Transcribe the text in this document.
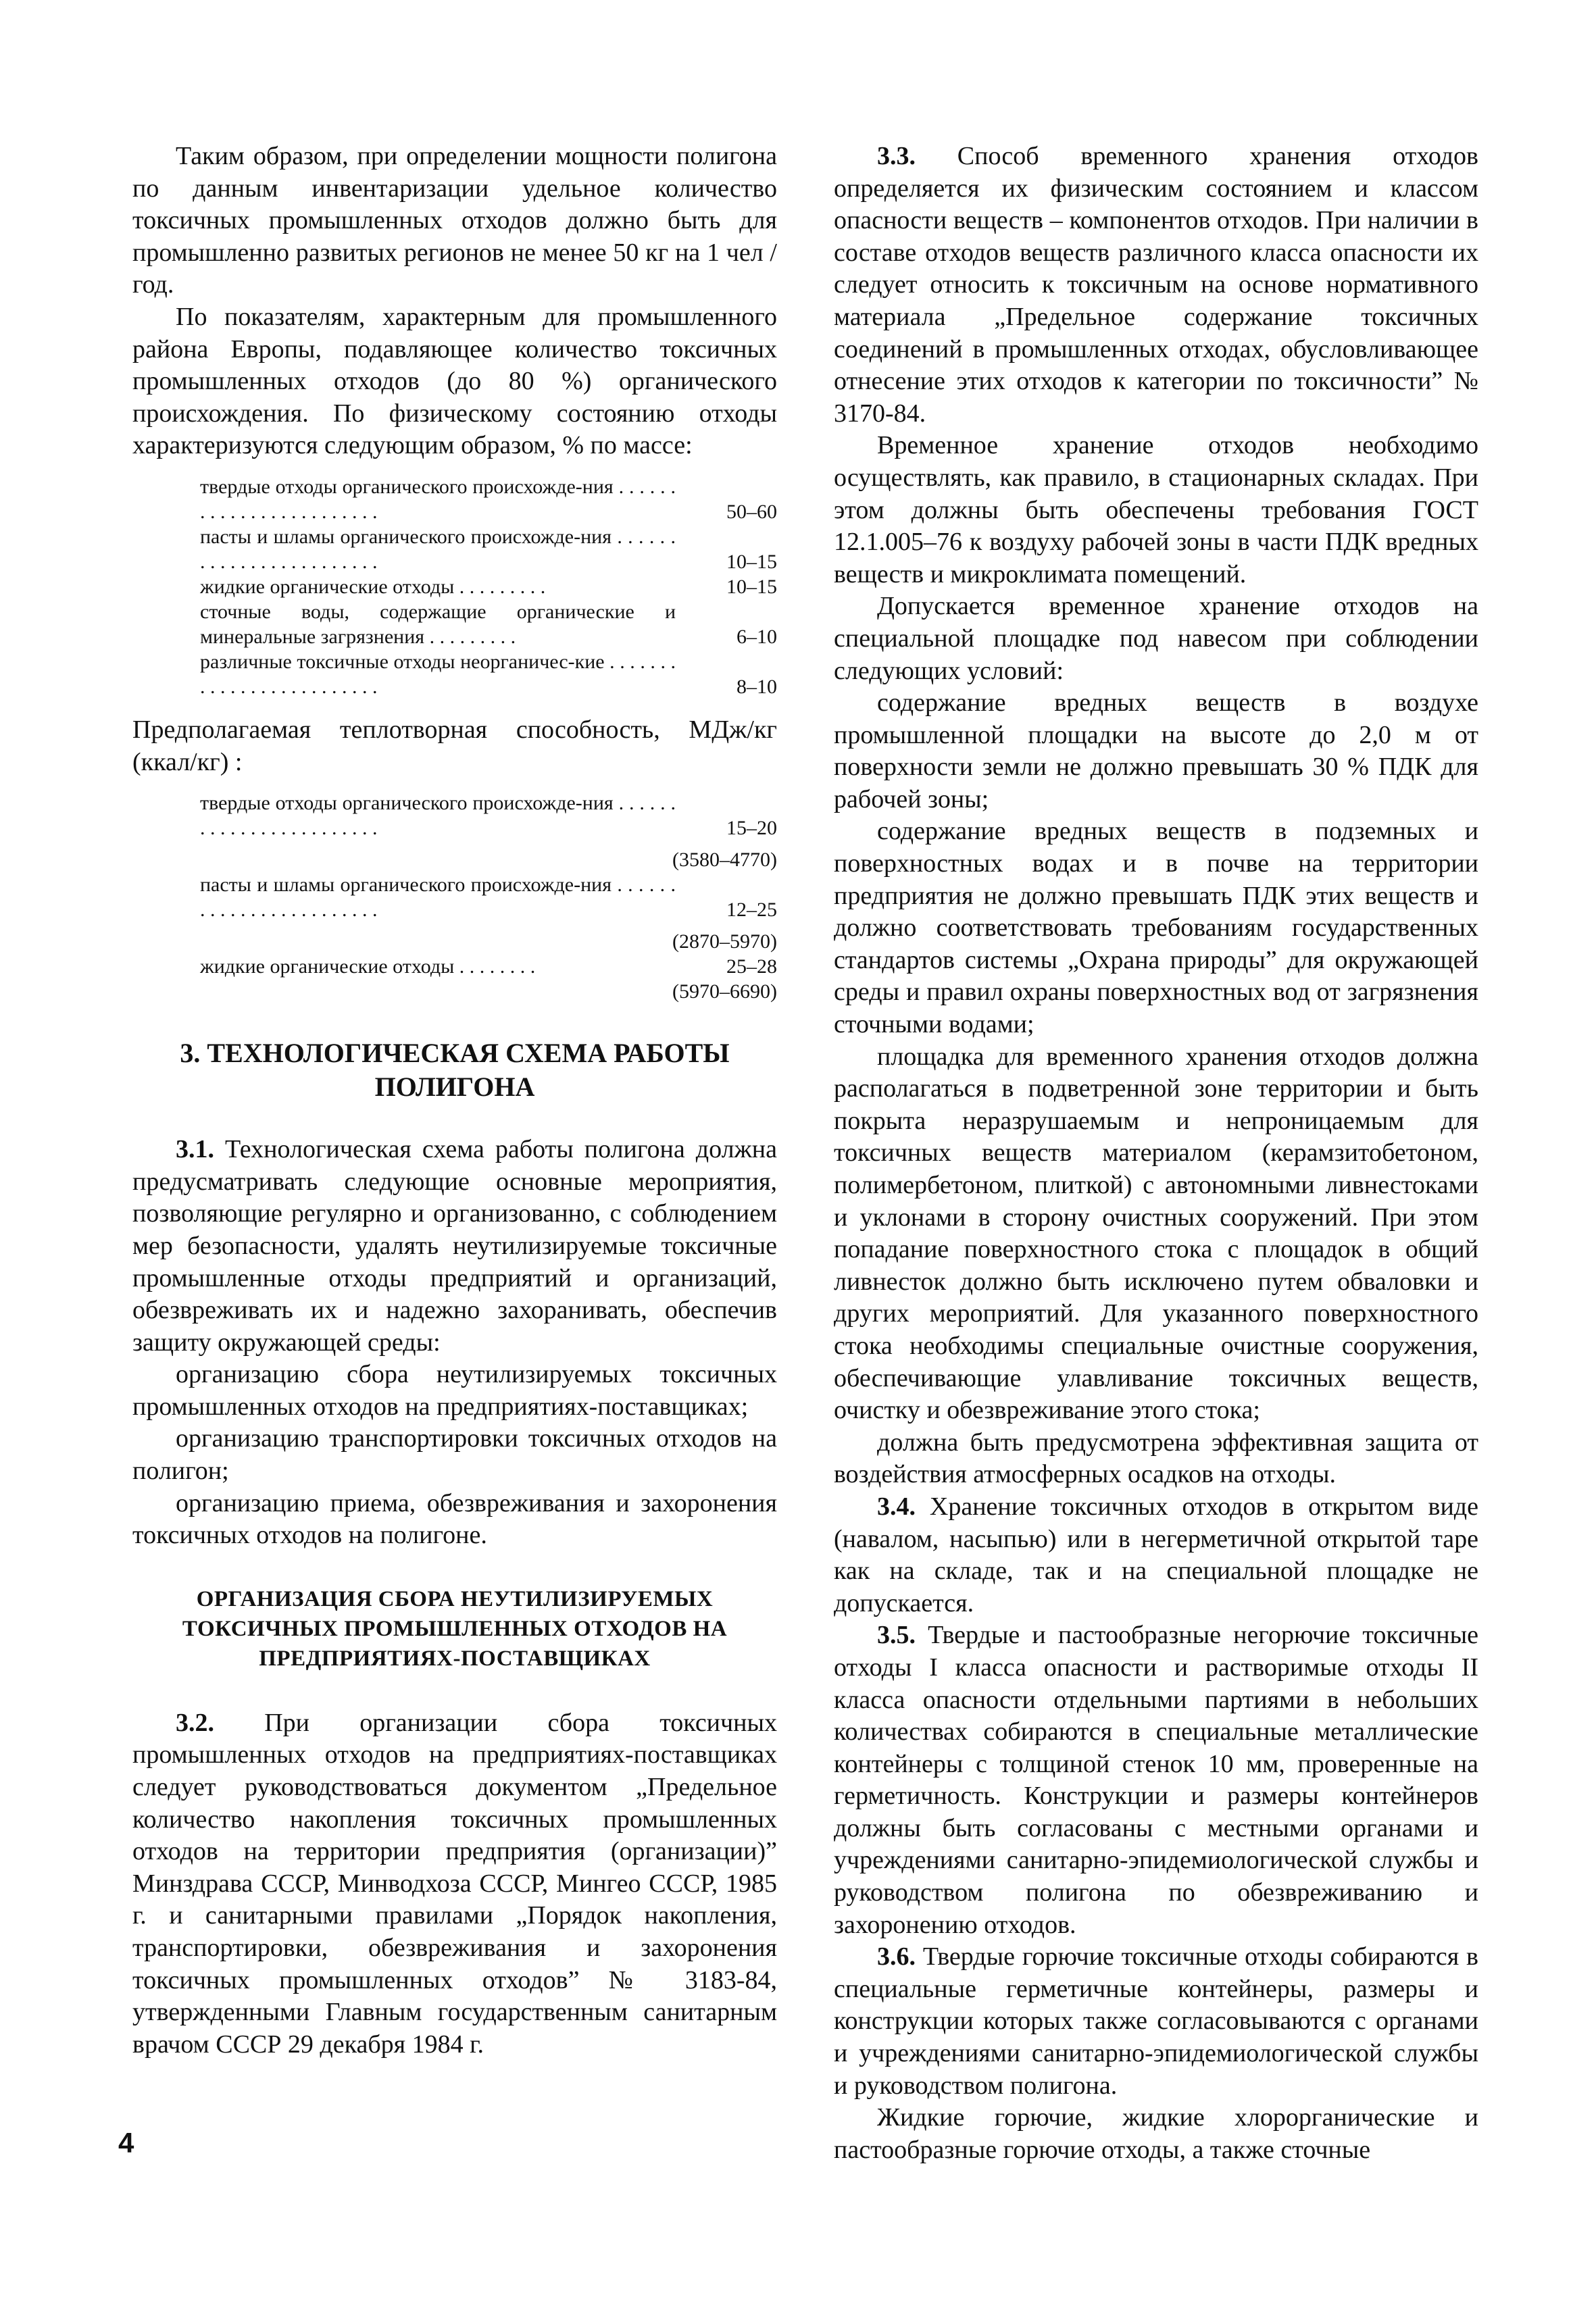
Таким образом, при определении мощности полигона по данным инвентаризации удельное количество токсичных промышленных отходов должно быть для промышленно развитых регионов не менее 50 кг на 1 чел /год.

По показателям, характерным для промышленного района Европы, подавляющее количество токсичных промышленных отходов (до 80 %) органического происхождения. По физическому состоянию отходы характеризуются следующим образом, % по массе:

твердые отходы органического происхожде-ния . . . . . . . . . . . . . . . . . . . . . . . .	50–60
пасты и шламы органического происхожде-ния . . . . . . . . . . . . . . . . . . . . . . . .	10–15
жидкие органические отходы . . . . . . . . .	10–15
сточные воды, содержащие органические и минеральные загрязнения . . . . . . . . .	6–10
различные токсичные отходы неорганичес-кие . . . . . . . . . . . . . . . . . . . . . . . . .	8–10

Предполагаемая теплотворная способность, МДж/кг (ккал/кг) :

твердые отходы органического происхожде-ния . . . . . . . . . . . . . . . . . . . . . . . .	15–20
(3580–4770)
пасты и шламы органического происхожде-ния . . . . . . . . . . . . . . . . . . . . . . . .	12–25
(2870–5970)
жидкие органические отходы . . . . . . . .	25–28
(5970–6690)
3. ТЕХНОЛОГИЧЕСКАЯ СХЕМА РАБОТЫ ПОЛИГОНА

3.1. Технологическая схема работы полигона должна предусматривать следующие основные мероприятия, позволяющие регулярно и организованно, с соблюдением мер безопасности, удалять неутилизируемые токсичные промышленные отходы предприятий и организаций, обезвреживать их и надежно захоранивать, обеспечив защиту окружающей среды:

организацию сбора неутилизируемых токсичных промышленных отходов на предприятиях-поставщиках;

организацию транспортировки токсичных отходов на полигон;

организацию приема, обезвреживания и захоронения токсичных отходов на полигоне.

ОРГАНИЗАЦИЯ СБОРА НЕУТИЛИЗИРУЕМЫХ ТОКСИЧНЫХ ПРОМЫШЛЕННЫХ ОТХОДОВ НА ПРЕДПРИЯТИЯХ-ПОСТАВЩИКАХ

3.2. При организации сбора токсичных промышленных отходов на предприятиях-поставщиках следует руководствоваться документом „Предельное количество накопления токсичных промышленных отходов на территории предприятия (организации)” Минздрава СССР, Минводхоза СССР, Мингео СССР, 1985 г. и санитарными правилами „Порядок накопления, транспортировки, обезвреживания и захоронения токсичных промышленных отходов” № 3183-84, утвержденными Главным государственным санитарным врачом СССР 29 декабря 1984 г.

3.3. Способ временного хранения отходов определяется их физическим состоянием и классом опасности веществ – компонентов отходов. При наличии в составе отходов веществ различного класса опасности их следует относить к токсичным на основе нормативного материала „Предельное содержание токсичных соединений в промышленных отходах, обусловливающее отнесение этих отходов к категории по токсичности” № 3170-84.

Временное хранение отходов необходимо осуществлять, как правило, в стационарных складах. При этом должны быть обеспечены требования ГОСТ 12.1.005–76 к воздуху рабочей зоны в части ПДК вредных веществ и микроклимата помещений.

Допускается временное хранение отходов на специальной площадке под навесом при соблюдении следующих условий:

содержание вредных веществ в воздухе промышленной площадки на высоте до 2,0 м от поверхности земли не должно превышать 30 % ПДК для рабочей зоны;

содержание вредных веществ в подземных и поверхностных водах и в почве на территории предприятия не должно превышать ПДК этих веществ и должно соответствовать требованиям государственных стандартов системы „Охрана природы” для окружающей среды и правил охраны поверхностных вод от загрязнения сточными водами;

площадка для временного хранения отходов должна располагаться в подветренной зоне территории и быть покрыта неразрушаемым и непроницаемым для токсичных веществ материалом (керамзитобетоном, полимербетоном, плиткой) с автономными ливнестоками и уклонами в сторону очистных сооружений. При этом попадание поверхностного стока с площадок в общий ливнесток должно быть исключено путем обваловки и других мероприятий. Для указанного поверхностного стока необходимы специальные очистные сооружения, обеспечивающие улавливание токсичных веществ, очистку и обезвреживание этого стока;

должна быть предусмотрена эффективная защита от воздействия атмосферных осадков на отходы.

3.4. Хранение токсичных отходов в открытом виде (навалом, насыпью) или в негерметичной открытой таре как на складе, так и на специальной площадке не допускается.

3.5. Твердые и пастообразные негорючие токсичные отходы I класса опасности и растворимые отходы II класса опасности отдельными партиями в небольших количествах собираются в специальные металлические контейнеры с толщиной стенок 10 мм, проверенные на герметичность. Конструкции и размеры контейнеров должны быть согласованы с местными органами и учреждениями санитарно-эпидемиологической службы и руководством полигона по обезвреживанию и захоронению отходов.

3.6. Твердые горючие токсичные отходы собираются в специальные герметичные контейнеры, размеры и конструкции которых также согласовываются с органами и учреждениями санитарно-эпидемиологической службы и руководством полигона.

Жидкие горючие, жидкие хлорорганические и пастообразные горючие отходы, а также сточные

4
